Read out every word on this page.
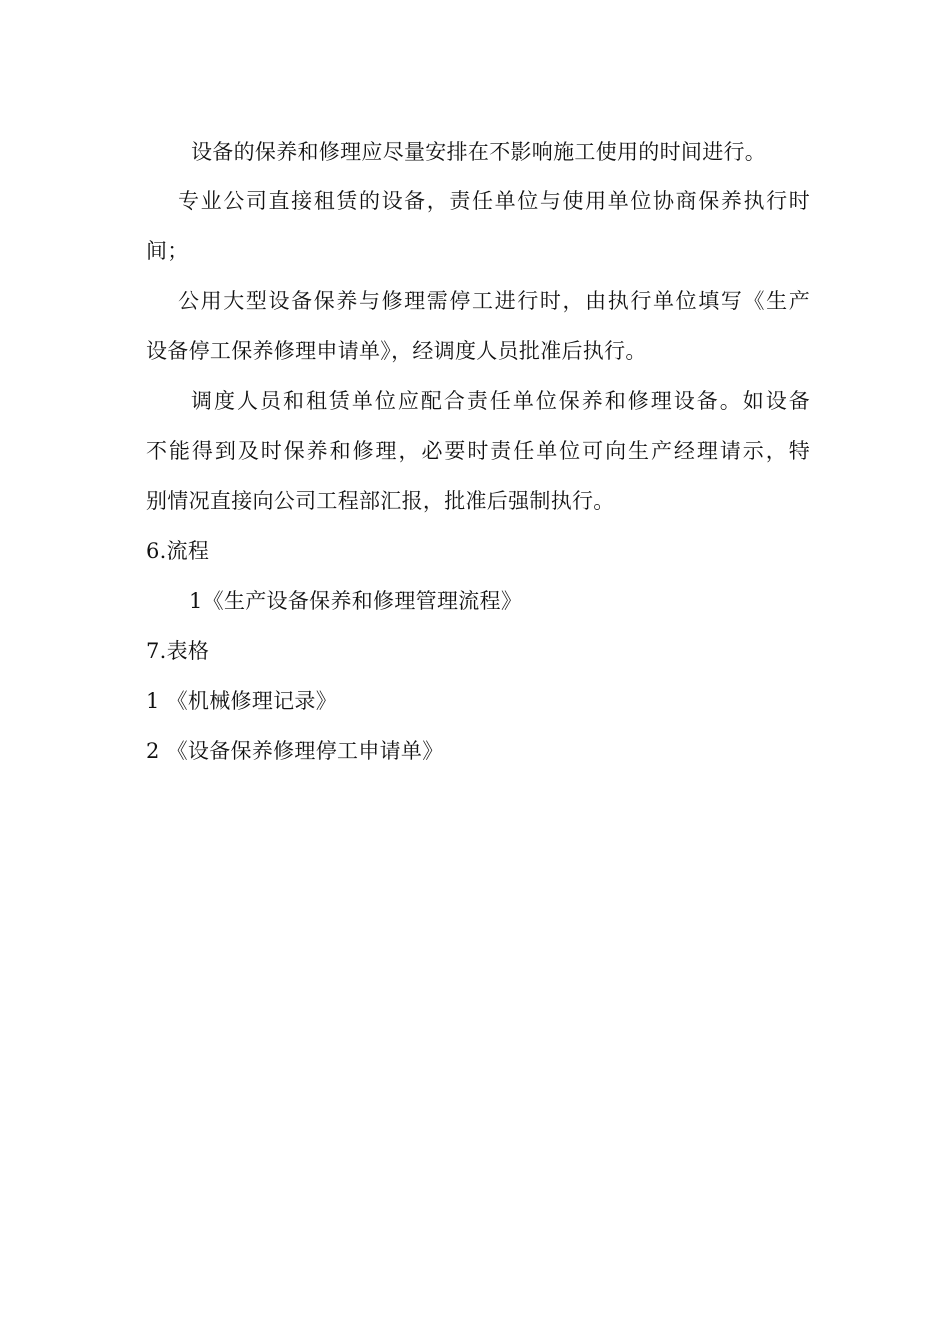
设备的保养和修理应尽量安排在不影响施工使用的时间进行。
专业公司直接租赁的设备，责任单位与使用单位协商保养执行时
间；
公用大型设备保养与修理需停工进行时，由执行单位填写《生产
设备停工保养修理申请单》，经调度人员批准后执行。
调度人员和租赁单位应配合责任单位保养和修理设备。如设备
不能得到及时保养和修理，必要时责任单位可向生产经理请示，特
别情况直接向公司工程部汇报，批准后强制执行。
6.流程
1《生产设备保养和修理管理流程》
7.表格
1 《机械修理记录》
2 《设备保养修理停工申请单》
